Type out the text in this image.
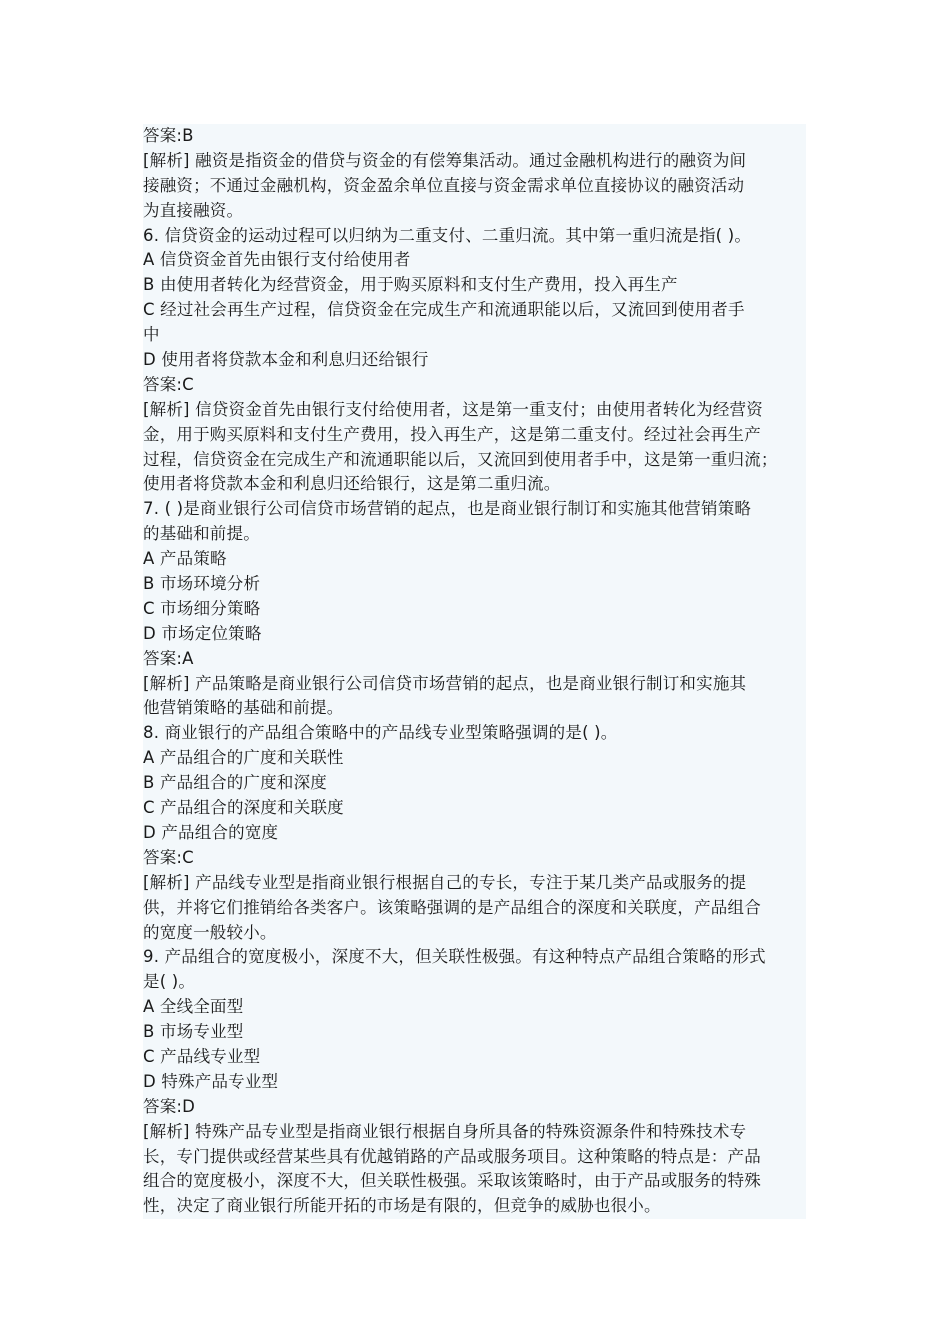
答案:B
[解析] 融资是指资金的借贷与资金的有偿筹集活动。通过金融机构进行的融资为间
接融资；不通过金融机构，资金盈余单位直接与资金需求单位直接协议的融资活动
为直接融资。
6. 信贷资金的运动过程可以归纳为二重支付、二重归流。其中第一重归流是指( )。
A 信贷资金首先由银行支付给使用者
B 由使用者转化为经营资金，用于购买原料和支付生产费用，投入再生产
C 经过社会再生产过程，信贷资金在完成生产和流通职能以后，又流回到使用者手
中
D 使用者将贷款本金和利息归还给银行
答案:C
[解析] 信贷资金首先由银行支付给使用者，这是第一重支付；由使用者转化为经营资
金，用于购买原料和支付生产费用，投入再生产，这是第二重支付。经过社会再生产
过程，信贷资金在完成生产和流通职能以后，又流回到使用者手中，这是第一重归流；
使用者将贷款本金和利息归还给银行，这是第二重归流。
7. ( )是商业银行公司信贷市场营销的起点，也是商业银行制订和实施其他营销策略
的基础和前提。
A 产品策略
B 市场环境分析
C 市场细分策略
D 市场定位策略
答案:A
[解析] 产品策略是商业银行公司信贷市场营销的起点，也是商业银行制订和实施其
他营销策略的基础和前提。
8. 商业银行的产品组合策略中的产品线专业型策略强调的是( )。
A 产品组合的广度和关联性
B 产品组合的广度和深度
C 产品组合的深度和关联度
D 产品组合的宽度
答案:C
[解析] 产品线专业型是指商业银行根据自己的专长，专注于某几类产品或服务的提
供，并将它们推销给各类客户。该策略强调的是产品组合的深度和关联度，产品组合
的宽度一般较小。
9. 产品组合的宽度极小，深度不大，但关联性极强。有这种特点产品组合策略的形式
是( )。
A 全线全面型
B 市场专业型
C 产品线专业型
D 特殊产品专业型
答案:D
[解析] 特殊产品专业型是指商业银行根据自身所具备的特殊资源条件和特殊技术专
长，专门提供或经营某些具有优越销路的产品或服务项目。这种策略的特点是：产品
组合的宽度极小，深度不大，但关联性极强。采取该策略时，由于产品或服务的特殊
性，决定了商业银行所能开拓的市场是有限的，但竞争的威胁也很小。
